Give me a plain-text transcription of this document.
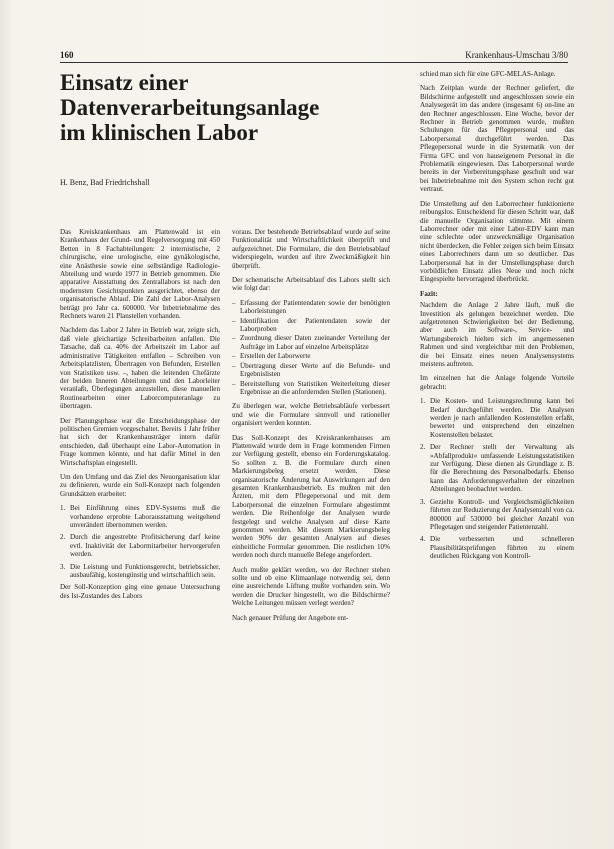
160	Krankenhaus-Umschau 3/80
Einsatz einer Datenverarbeitungsanlage im klinischen Labor
H. Benz, Bad Friedrichshall

Das Kreiskrankenhaus am Plattenwald ist ein Krankenhaus der Grund- und Regelversorgung mit 450 Betten in 8 Fachabteilungen: 2 internistische, 2 chirurgische, eine urologische, eine gynäkologische, eine Anästhesie sowie eine selbständige Radiologie-Abteilung und wurde 1977 in Betrieb genommen. Die apparative Ausstattung des Zentrallabors ist nach den modernsten Gesichtspunkten ausgerichtet, ebenso der organisatorische Ablauf. Die Zahl der Labor-Analysen beträgt pro Jahr ca. 600000. Vor Inbetriebnahme des Rechners waren 21 Planstellen vorhanden.

Nachdem das Labor 2 Jahre in Betrieb war, zeigte sich, daß viele gleichartige Schreibarbeiten anfallen. Die Tatsache, daß ca. 40% der Arbeitszeit im Labor auf administrative Tätigkeiten entfallen – Schreiben von Arbeitsplatzlisten, Übertragen von Befunden, Erstellen von Statistiken usw. –, haben die leitenden Chefärzte der beiden Inneren Abteilungen und den Laborleiter veranlaßt, Überlegungen anzustellen, diese manuellen Routinearbeiten einer Laborcomputeranlage zu übertragen.

Der Planungsphase war die Entscheidungsphase der politischen Gremien vorgeschaltet. Bereits 1 Jahr früher hat sich der Krankenhausträger intern dafür entschieden, daß überhaupt eine Labor-Automation in Frage kommen könnte, und hat dafür Mittel in den Wirtschaftsplan eingestellt.

Um den Umfang und das Ziel des Neuorganisation klar zu definieren, wurde ein Soll-Konzept nach folgenden Grundsätzen erarbeitet:

1. Bei Einführung eines EDV-Systems muß die vorhandene erprobte Laborausstattung weitgehend unverändert übernommen werden.
2. Durch die angestrebte Profitsicherung darf keine evtl. Inaktivität der Labormitarbeiter hervorgerufen werden.
3. Die Leistung und Funktionsgerecht, betriebssicher, ausbaufähig, kostengünstig und wirtschaftlich sein.

Der Soll-Konzeption ging eine genaue Untersuchung des Ist-Zustandes des Labors

voraus. Der bestehende Betriebsablauf wurde auf seine Funktionalität und Wirtschaftlichkeit überprüft und aufgezeichnet. Die Formulare, die den Betriebsablauf widerspiegeln, wurden auf ihre Zweckmäßigkeit hin überprüft.

Der schematische Arbeitsablauf des Labors stellt sich wie folgt dar:

– Erfassung der Patientendaten sowie der benötigten Laborleistungen
– Identifikation der Patientendaten sowie der Laborproben
– Zuordnung dieser Daten zueinander Verteilung der Aufträge im Labor auf einzelne Arbeitsplätze
– Erstellen der Laborwerte
– Übertragung dieser Werte auf die Befunde- und Ergebnislisten
– Bereitstellung von Statistiken Weiterleitung dieser Ergebnisse an die anfordernden Stellen (Stationen).

Zu überlegen war, welche Betriebsabläufe verbessert und wie die Formulare sinnvoll und rationeller organisiert werden konnten.

Das Soll-Konzept des Kreiskrankenhauses am Plattenwald wurde dem in Frage kommenden Firmen zur Verfügung gestellt, ebenso ein Forderungskatalog. So sollten z. B. die Formulare durch einen Markierungsbeleg ersetzt werden. Diese organisatorische Änderung hat Auswirkungen auf den gesamten Krankenhausbetrieb. Es mußten mit den Ärzten, mit dem Pflegepersonal und mit dem Laborpersonal die einzelnen Formulare abgestimmt werden. Die Reihenfolge der Analysen wurde festgelegt und welche Analysen auf diese Karte genommen werden. Mit diesem Markierungsbeleg werden 90% der gesamten Analysen auf dieses einheitliche Formular genommen. Die restlichen 10% werden noch durch manuelle Belege angefordert.

Auch mußte geklärt werden, wo der Rechner stehen sollte und ob eine Klimaanlage notwendig sei, denn eine ausreichende Lüftung mußte vorhanden sein. Wo werden die Drucker hingestellt, wo die Bildschirme? Welche Leitungen müssen verlegt werden?

Nach genauer Prüfung der Angebote ent-

schied man sich für eine GFC-MELAS-Anlage.

Nach Zeitplan wurde der Rechner geliefert, die Bildschirme aufgestellt und angeschlossen sowie ein Analysegerät im das andere (insgesamt 6) on-line an den Rechner angeschlossen. Eine Woche, bevor der Rechner in Betrieb genommen wurde, mußten Schulungen für das Pflegepersonal und das Laborpersonal durchgeführt werden. Das Pflegepersonal wurde in die Systematik von der Firma GFC und von hauseigenem Personal in die Problematik eingewiesen. Das Laborpersonal wurde bereits in der Vorbereitungsphase geschult und war bei Inbetriebnahme mit den System schon recht gut vertraut.

Die Umstellung auf den Laborrechner funktionierte reibungslos. Entscheidend für diesen Schritt war, daß die manuelle Organisation stimmte. Mit einem Laborrechner oder mit einer Labor-EDV kann man eine schlechte oder unzweckmäßige Organisation nicht überdecken, die Fehler zeigen sich beim Einsatz eines Laborrechners dann um so deutlicher. Das Laborpersonal hat in der Umstellungsphase durch vorbildlichen Einsatz alles Neue und noch nicht Eingespielte hervorragend überbrückt.

Fazit:

Nachdem die Anlage 2 Jahre läuft, muß die Investition als gelungen bezeichnet werden. Die aufgetretenen Schwierigkeiten bei der Bedienung, aber auch im Software-, Service- und Wartungsbereich hielten sich im angemessenen Rahmen und sind vergleichbar mit den Problemen, die bei Einsatz eines neuen Analysensystems meistens auftreten.

Im einzelnen hat die Anlage folgende Vorteile gebracht:

1. Die Kosten- und Leistungsrechnung kann bei Bedarf durchgeführt werden. Die Analysen werden je nach anfallenden Kostenstellen erfaßt, bewertet und entsprechend den einzelnen Kostenstellen belastet.
2. Der Rechner stellt der Verwaltung als »Abfallprodukt« umfassende Leistungsstatistiken zur Verfügung. Diese dienen als Grundlage z. B. für die Berechnung des Personalbedarfs. Ebenso kann das Anforderungsverhalten der einzelnen Abteilungen beobachtet werden.
3. Gezielte Kontroll- und Vergleichsmöglichkeiten führten zur Reduzierung der Analysenzahl von ca. 800000 auf 530000 bei gleicher Anzahl von Pflegetagen und steigender Patientenzahl.
4. Die verbesserten und schnelleren Plausibilitätsprüfungen führten zu einem deutlichen Rückgang von Kontroll-
